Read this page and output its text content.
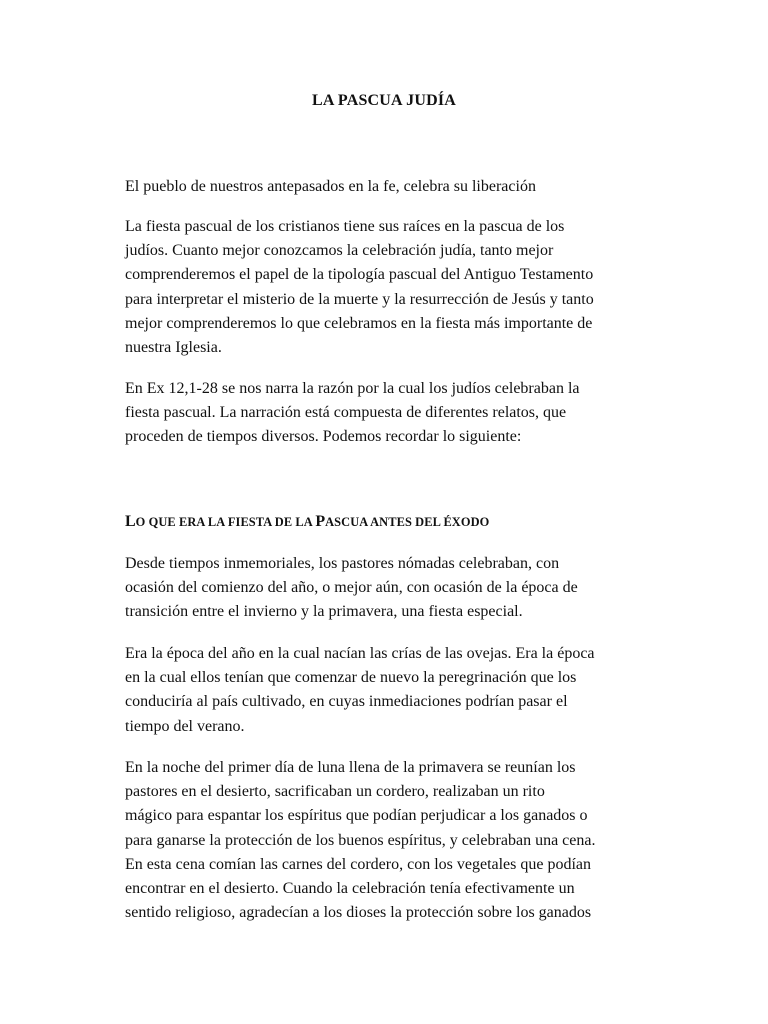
LA PASCUA JUDÍA
El pueblo de nuestros antepasados en la fe, celebra su liberación
La fiesta pascual de los cristianos tiene sus raíces en la pascua de los
judíos. Cuanto mejor conozcamos la celebración judía, tanto mejor
comprenderemos el papel de la tipología pascual del Antiguo Testamento
para interpretar el misterio de la muerte y la resurrección de Jesús y tanto
mejor comprenderemos lo que celebramos en la fiesta más importante de
nuestra Iglesia.
En Ex 12,1-28 se nos narra la razón por la cual los judíos celebraban la
fiesta pascual. La narración está compuesta de diferentes relatos, que
proceden de tiempos diversos. Podemos recordar lo siguiente:
LO QUE ERA LA FIESTA DE LA PASCUA ANTES DEL ÉXODO
Desde tiempos inmemoriales, los pastores nómadas celebraban, con
ocasión del comienzo del año, o mejor aún, con ocasión de la época de
transición entre el invierno y la primavera, una fiesta especial.
Era la época del año en la cual nacían las crías de las ovejas. Era la época
en la cual ellos tenían que comenzar de nuevo la peregrinación que los
conduciría al país cultivado, en cuyas inmediaciones podrían pasar el
tiempo del verano.
En la noche del primer día de luna llena de la primavera se reunían los
pastores en el desierto, sacrificaban un cordero, realizaban un rito
mágico para espantar los espíritus que podían perjudicar a los ganados o
para ganarse la protección de los buenos espíritus, y celebraban una cena.
En esta cena comían las carnes del cordero, con los vegetales que podían
encontrar en el desierto. Cuando la celebración tenía efectivamente un
sentido religioso, agradecían a los dioses la protección sobre los ganados
